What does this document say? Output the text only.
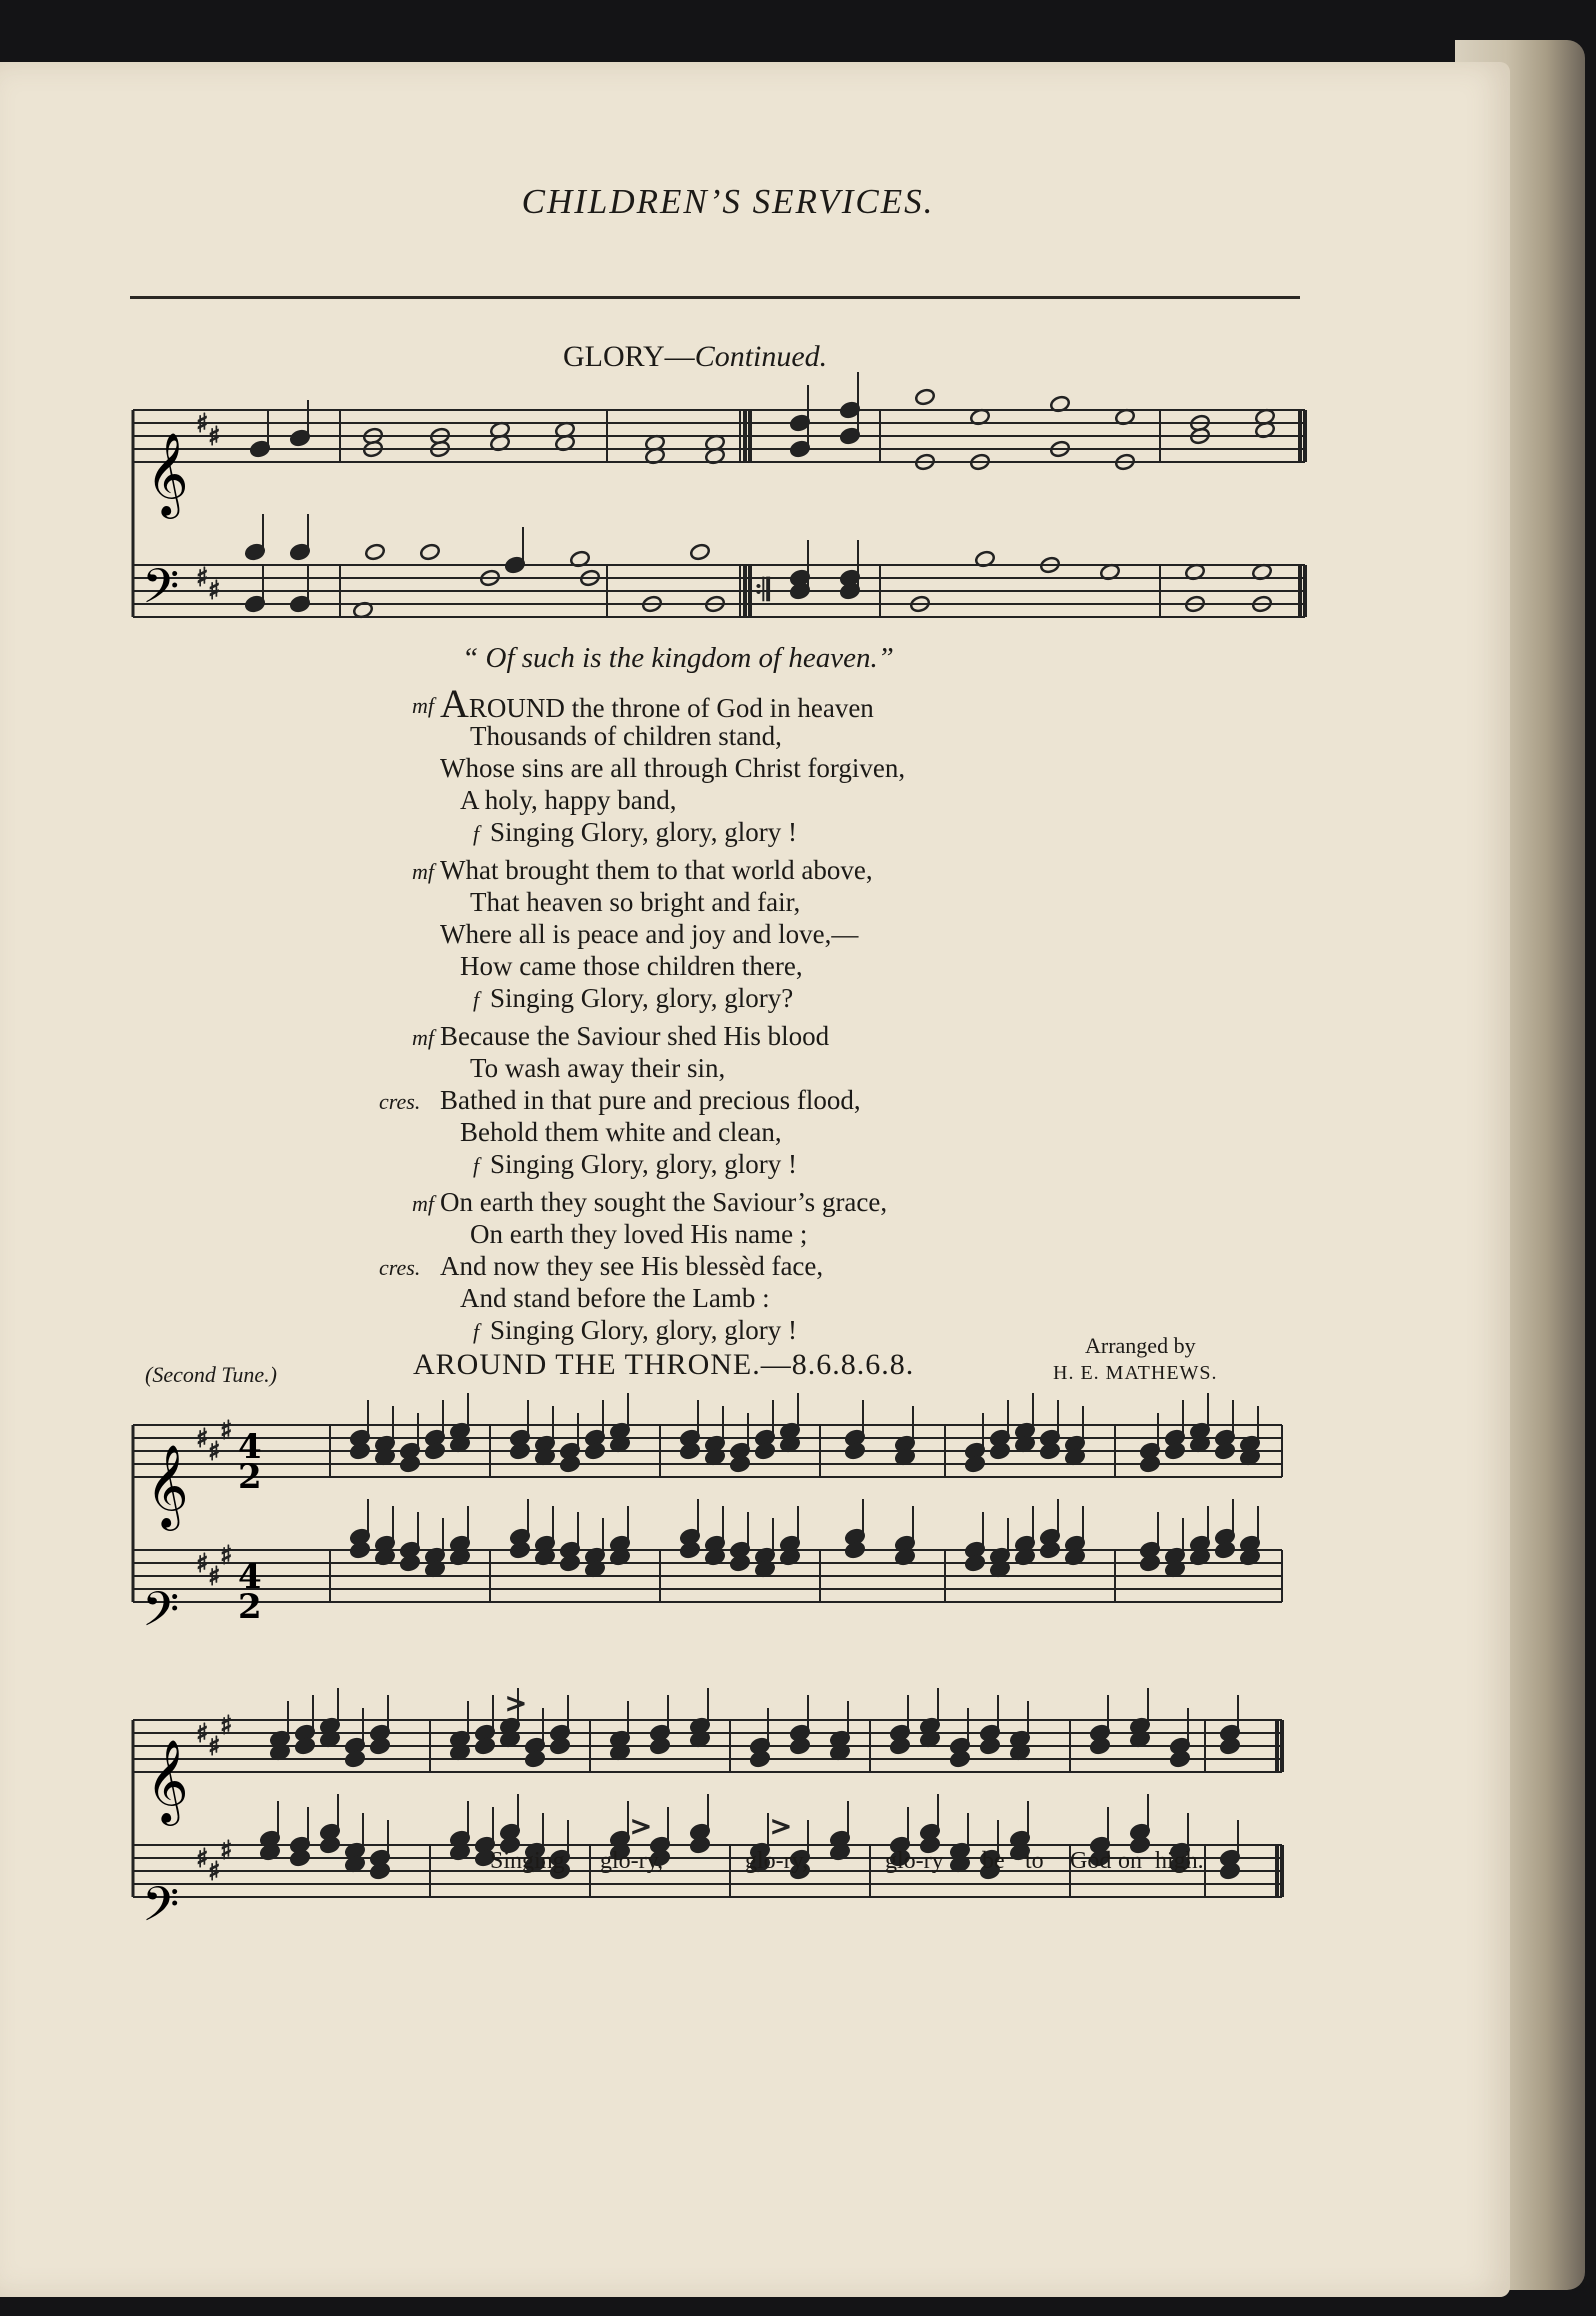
CHILDREN’S SERVICES.
GLORY—Continued.
♯ ♯
♯ ♯	𝄇
𝄞
𝄢
“ Of such is the kingdom of heaven.”
mf AROUND the throne of God in heaven
Thousands of children stand,
Whose sins are all through Christ forgiven,
A holy, happy band,
f Singing Glory, glory, glory !
mf What brought them to that world above,
That heaven so bright and fair,
Where all is peace and joy and love,—
How came those children there,
f Singing Glory, glory, glory?
mf Because the Saviour shed His blood
To wash away their sin,
cres. Bathed in that pure and precious flood,
Behold them white and clean,
f Singing Glory, glory, glory !
mf On earth they sought the Saviour’s grace,
On earth they loved His name ;
cres. And now they see His blessèd face,
And stand before the Lamb :
f Singing Glory, glory, glory !
(Second Tune.)	AROUND THE THRONE.—8.6.8.6.8.
Arranged by
H. E. MATHEWS.
♯ ♯
♯
♯ ♯
♯
♯ ♯
♯
♯ ♯
♯
>
>	>
𝄞
𝄢
𝄞
𝄢
4
2
4
2
Singing glo-ry,	glo-ry,	glo-ry be to God on high.
